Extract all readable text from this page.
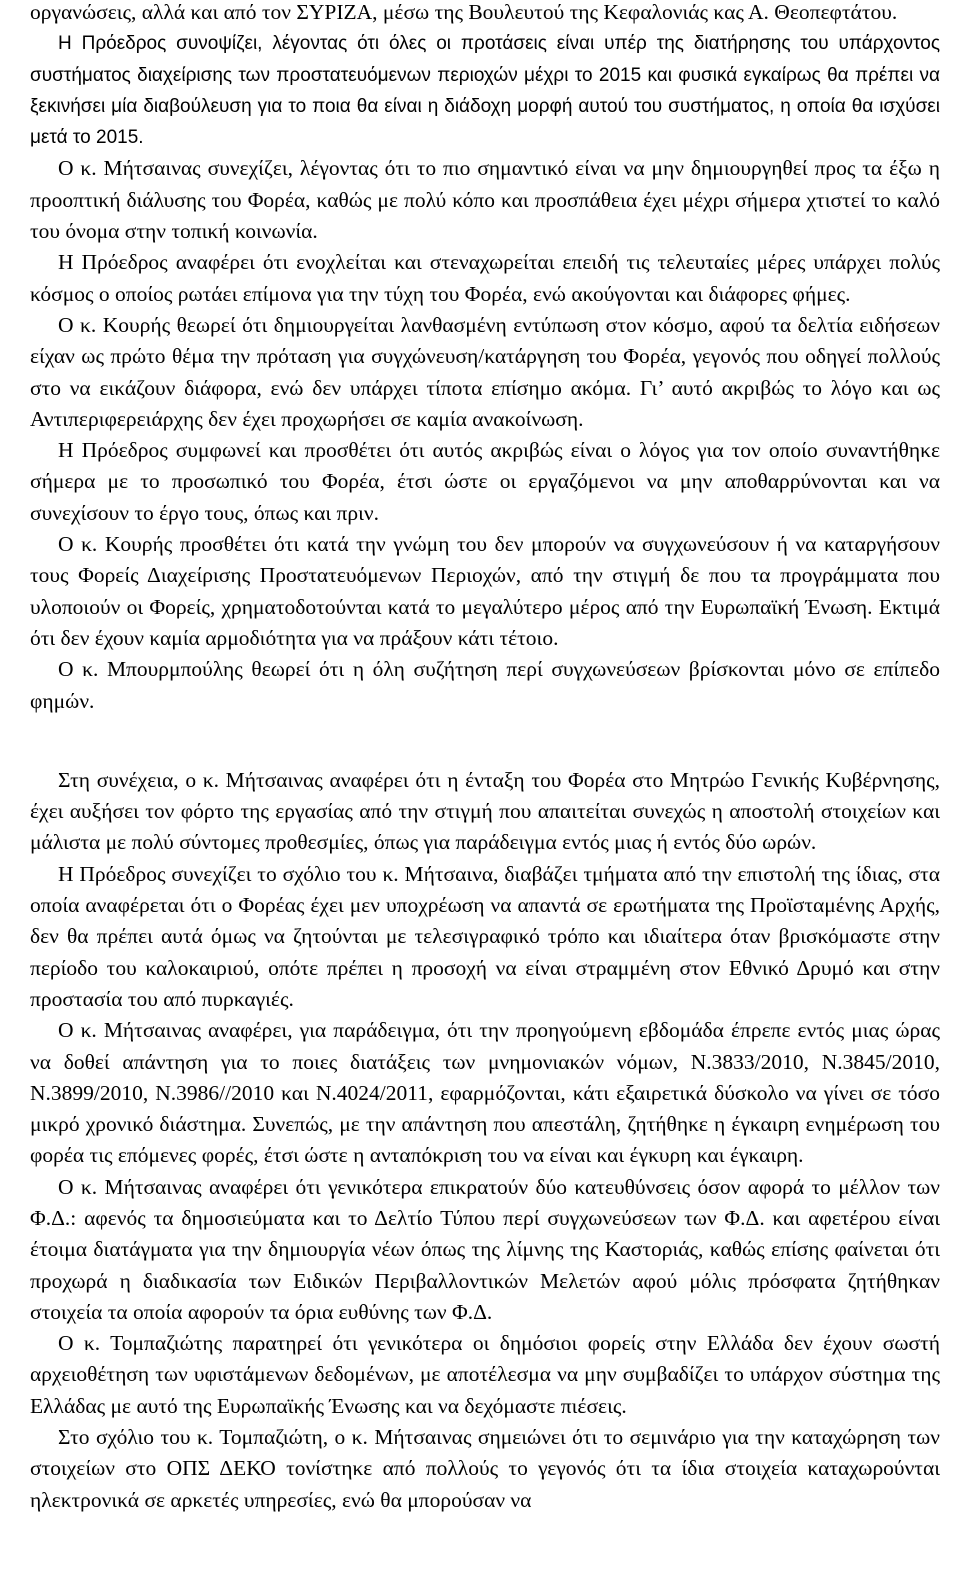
οργανώσεις, αλλά και από τον ΣΥΡΙΖΑ, μέσω της Βουλευτού της Κεφαλονιάς κας Α. Θεοπεφτάτου.

Η Πρόεδρος συνοψίζει, λέγοντας ότι όλες οι προτάσεις είναι υπέρ της διατήρησης του υπάρχοντος συστήματος διαχείρισης των προστατευόμενων περιοχών μέχρι το 2015 και φυσικά εγκαίρως θα πρέπει να ξεκινήσει μία διαβούλευση για το ποια θα είναι η διάδοχη μορφή αυτού του συστήματος, η οποία θα ισχύσει μετά το 2015.

Ο κ. Μήτσαινας συνεχίζει, λέγοντας ότι το πιο σημαντικό είναι να μην δημιουργηθεί προς τα έξω η προοπτική διάλυσης του Φορέα, καθώς με πολύ κόπο και προσπάθεια έχει μέχρι σήμερα χτιστεί το καλό του όνομα στην τοπική κοινωνία.

Η Πρόεδρος αναφέρει ότι ενοχλείται και στεναχωρείται επειδή τις τελευταίες μέρες υπάρχει πολύς κόσμος ο οποίος ρωτάει επίμονα για την τύχη του Φορέα, ενώ ακούγονται και διάφορες φήμες.

Ο κ. Κουρής θεωρεί ότι δημιουργείται λανθασμένη εντύπωση στον κόσμο, αφού τα δελτία ειδήσεων είχαν ως πρώτο θέμα την πρόταση για συγχώνευση/κατάργηση του Φορέα, γεγονός που οδηγεί πολλούς στο να εικάζουν διάφορα, ενώ δεν υπάρχει τίποτα επίσημο ακόμα. Γι’ αυτό ακριβώς το λόγο και ως Αντιπεριφερειάρχης δεν έχει προχωρήσει σε καμία ανακοίνωση.

Η Πρόεδρος συμφωνεί και προσθέτει ότι αυτός ακριβώς είναι ο λόγος για τον οποίο συναντήθηκε σήμερα με το προσωπικό του Φορέα, έτσι ώστε οι εργαζόμενοι να μην αποθαρρύνονται και να συνεχίσουν το έργο τους, όπως και πριν.

Ο κ. Κουρής προσθέτει ότι κατά την γνώμη του δεν μπορούν να συγχωνεύσουν ή να καταργήσουν τους Φορείς Διαχείρισης Προστατευόμενων Περιοχών, από την στιγμή δε που τα προγράμματα που υλοποιούν οι Φορείς, χρηματοδοτούνται κατά το μεγαλύτερο μέρος από την Ευρωπαϊκή Ένωση. Εκτιμά ότι δεν έχουν καμία αρμοδιότητα για να πράξουν κάτι τέτοιο.

Ο κ. Μπουρμπούλης θεωρεί ότι η όλη συζήτηση περί συγχωνεύσεων βρίσκονται μόνο σε επίπεδο φημών.

Στη συνέχεια, ο κ. Μήτσαινας αναφέρει ότι η ένταξη του Φορέα στο Μητρώο Γενικής Κυβέρνησης, έχει αυξήσει τον φόρτο της εργασίας από την στιγμή που απαιτείται συνεχώς η αποστολή στοιχείων και μάλιστα με πολύ σύντομες προθεσμίες, όπως για παράδειγμα εντός μιας ή εντός δύο ωρών.

Η Πρόεδρος συνεχίζει το σχόλιο του κ. Μήτσαινα, διαβάζει τμήματα από την επιστολή της ίδιας, στα οποία αναφέρεται ότι ο Φορέας έχει μεν υποχρέωση να απαντά σε ερωτήματα της Προϊσταμένης Αρχής, δεν θα πρέπει αυτά όμως να ζητούνται με τελεσιγραφικό τρόπο και ιδιαίτερα όταν βρισκόμαστε στην περίοδο του καλοκαιριού, οπότε πρέπει η προσοχή να είναι στραμμένη στον Εθνικό Δρυμό και στην προστασία του από πυρκαγιές.

Ο κ. Μήτσαινας αναφέρει, για παράδειγμα, ότι την προηγούμενη εβδομάδα έπρεπε εντός μιας ώρας να δοθεί απάντηση για το ποιες διατάξεις των μνημονιακών νόμων, Ν.3833/2010, Ν.3845/2010, Ν.3899/2010, Ν.3986//2010 και Ν.4024/2011, εφαρμόζονται, κάτι εξαιρετικά δύσκολο να γίνει σε τόσο μικρό χρονικό διάστημα. Συνεπώς, με την απάντηση που απεστάλη, ζητήθηκε η έγκαιρη ενημέρωση του φορέα τις επόμενες φορές, έτσι ώστε η ανταπόκριση του να είναι και έγκυρη και έγκαιρη.

Ο κ. Μήτσαινας αναφέρει ότι γενικότερα επικρατούν δύο κατευθύνσεις όσον αφορά το μέλλον των Φ.Δ.: αφενός τα δημοσιεύματα και το Δελτίο Τύπου περί συγχωνεύσεων των Φ.Δ. και αφετέρου είναι έτοιμα διατάγματα για την δημιουργία νέων όπως της λίμνης της Καστοριάς, καθώς επίσης φαίνεται ότι προχωρά η διαδικασία των Ειδικών Περιβαλλοντικών Μελετών αφού μόλις πρόσφατα ζητήθηκαν στοιχεία τα οποία αφορούν τα όρια ευθύνης των Φ.Δ.

Ο κ. Τομπαζιώτης παρατηρεί ότι γενικότερα οι δημόσιοι φορείς στην Ελλάδα δεν έχουν σωστή αρχειοθέτηση των υφιστάμενων δεδομένων, με αποτέλεσμα να μην συμβαδίζει το υπάρχον σύστημα της Ελλάδας με αυτό της Ευρωπαϊκής Ένωσης και να δεχόμαστε πιέσεις.

Στο σχόλιο του κ. Τομπαζιώτη, ο κ. Μήτσαινας σημειώνει ότι το σεμινάριο για την καταχώρηση των στοιχείων στο ΟΠΣ ΔΕΚΟ τονίστηκε από πολλούς το γεγονός ότι τα ίδια στοιχεία καταχωρούνται ηλεκτρονικά σε αρκετές υπηρεσίες, ενώ θα μπορούσαν να
